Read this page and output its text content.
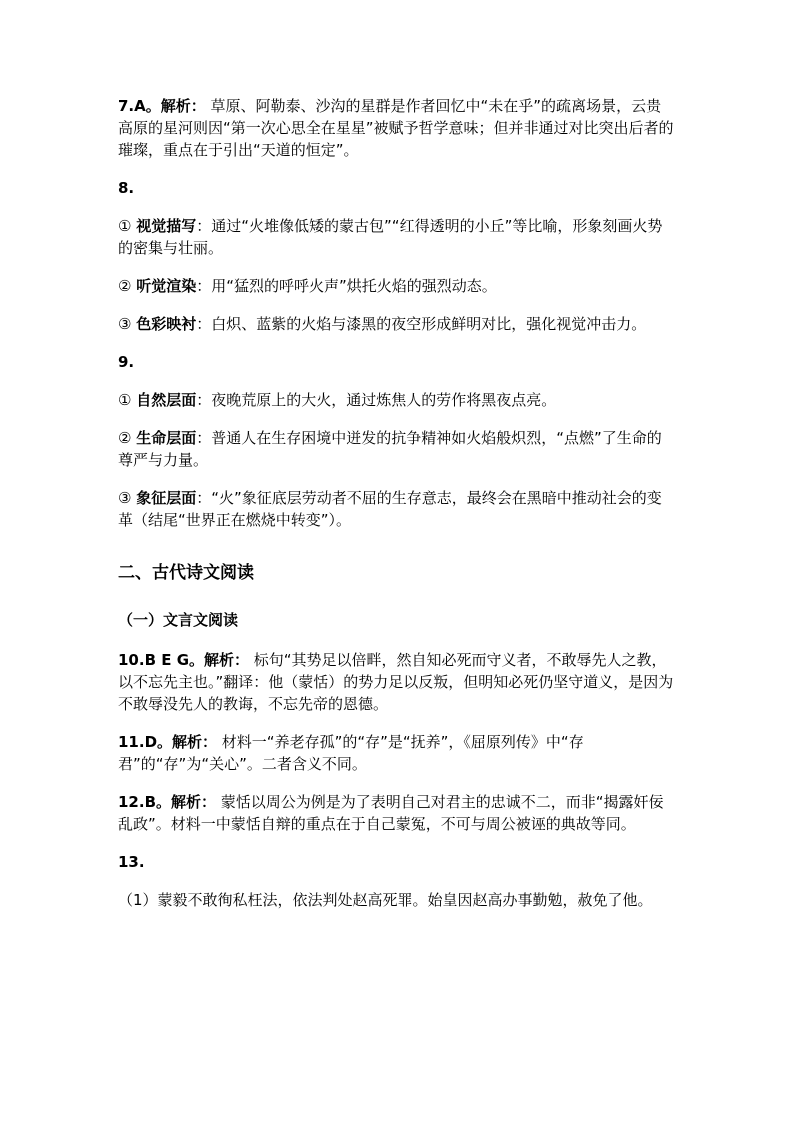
7.A。解析： 草原、阿勒泰、沙沟的星群是作者回忆中“未在乎”的疏离场景，云贵高原的星河则因“第一次心思全在星星”被赋予哲学意味；但并非通过对比突出后者的璀璨，重点在于引出“天道的恒定”。

8.

① 视觉描写：通过“火堆像低矮的蒙古包”“红得透明的小丘”等比喻，形象刻画火势的密集与壮丽。

② 听觉渲染：用“猛烈的呼呼火声”烘托火焰的强烈动态。

③ 色彩映衬：白炽、蓝紫的火焰与漆黑的夜空形成鲜明对比，强化视觉冲击力。

9.

① 自然层面：夜晚荒原上的大火，通过炼焦人的劳作将黑夜点亮。

② 生命层面：普通人在生存困境中迸发的抗争精神如火焰般炽烈，“点燃”了生命的尊严与力量。

③ 象征层面：“火”象征底层劳动者不屈的生存意志，最终会在黑暗中推动社会的变革（结尾“世界正在燃烧中转变”）。

二、古代诗文阅读
（一）文言文阅读

10.B E G。解析： 标句“其势足以倍畔，然自知必死而守义者，不敢辱先人之教，以不忘先主也。”翻译：他（蒙恬）的势力足以反叛，但明知必死仍坚守道义，是因为不敢辱没先人的教诲，不忘先帝的恩德。

11.D。解析： 材料一“养老存孤”的“存”是“抚养”，《屈原列传》中“存君”的“存”为“关心”。二者含义不同。

12.B。解析： 蒙恬以周公为例是为了表明自己对君主的忠诚不二，而非“揭露奸佞乱政”。材料一中蒙恬自辩的重点在于自己蒙冤，不可与周公被诬的典故等同。

13.

（1）蒙毅不敢徇私枉法，依法判处赵高死罪。始皇因赵高办事勤勉，赦免了他。
